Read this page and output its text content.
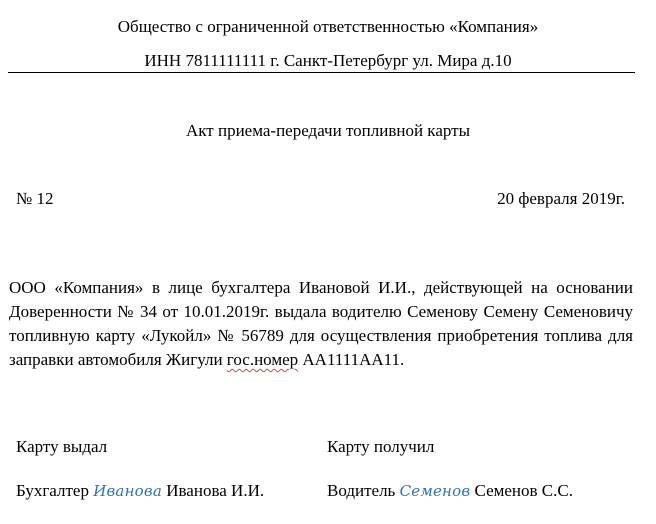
Общество с ограниченной ответственностью «Компания»
ИНН 7811111111 г. Санкт-Петербург ул. Мира д.10
Акт приема-передачи топливной карты
№ 12	20 февраля 2019г.

ООО «Компания» в лице бухгалтера Ивановой И.И., действующей на основании Доверенности № 34 от 10.01.2019г. выдала водителю Семенову Семену Семеновичу топливную карту «Лукойл» № 56789 для осуществления приобретения топлива для заправки автомобиля Жигули гос.номер АА1111АА11.

Карту выдал	Карту получил
Бухгалтер Иванова Иванова И.И.	Водитель Семенов Семенов С.С.
